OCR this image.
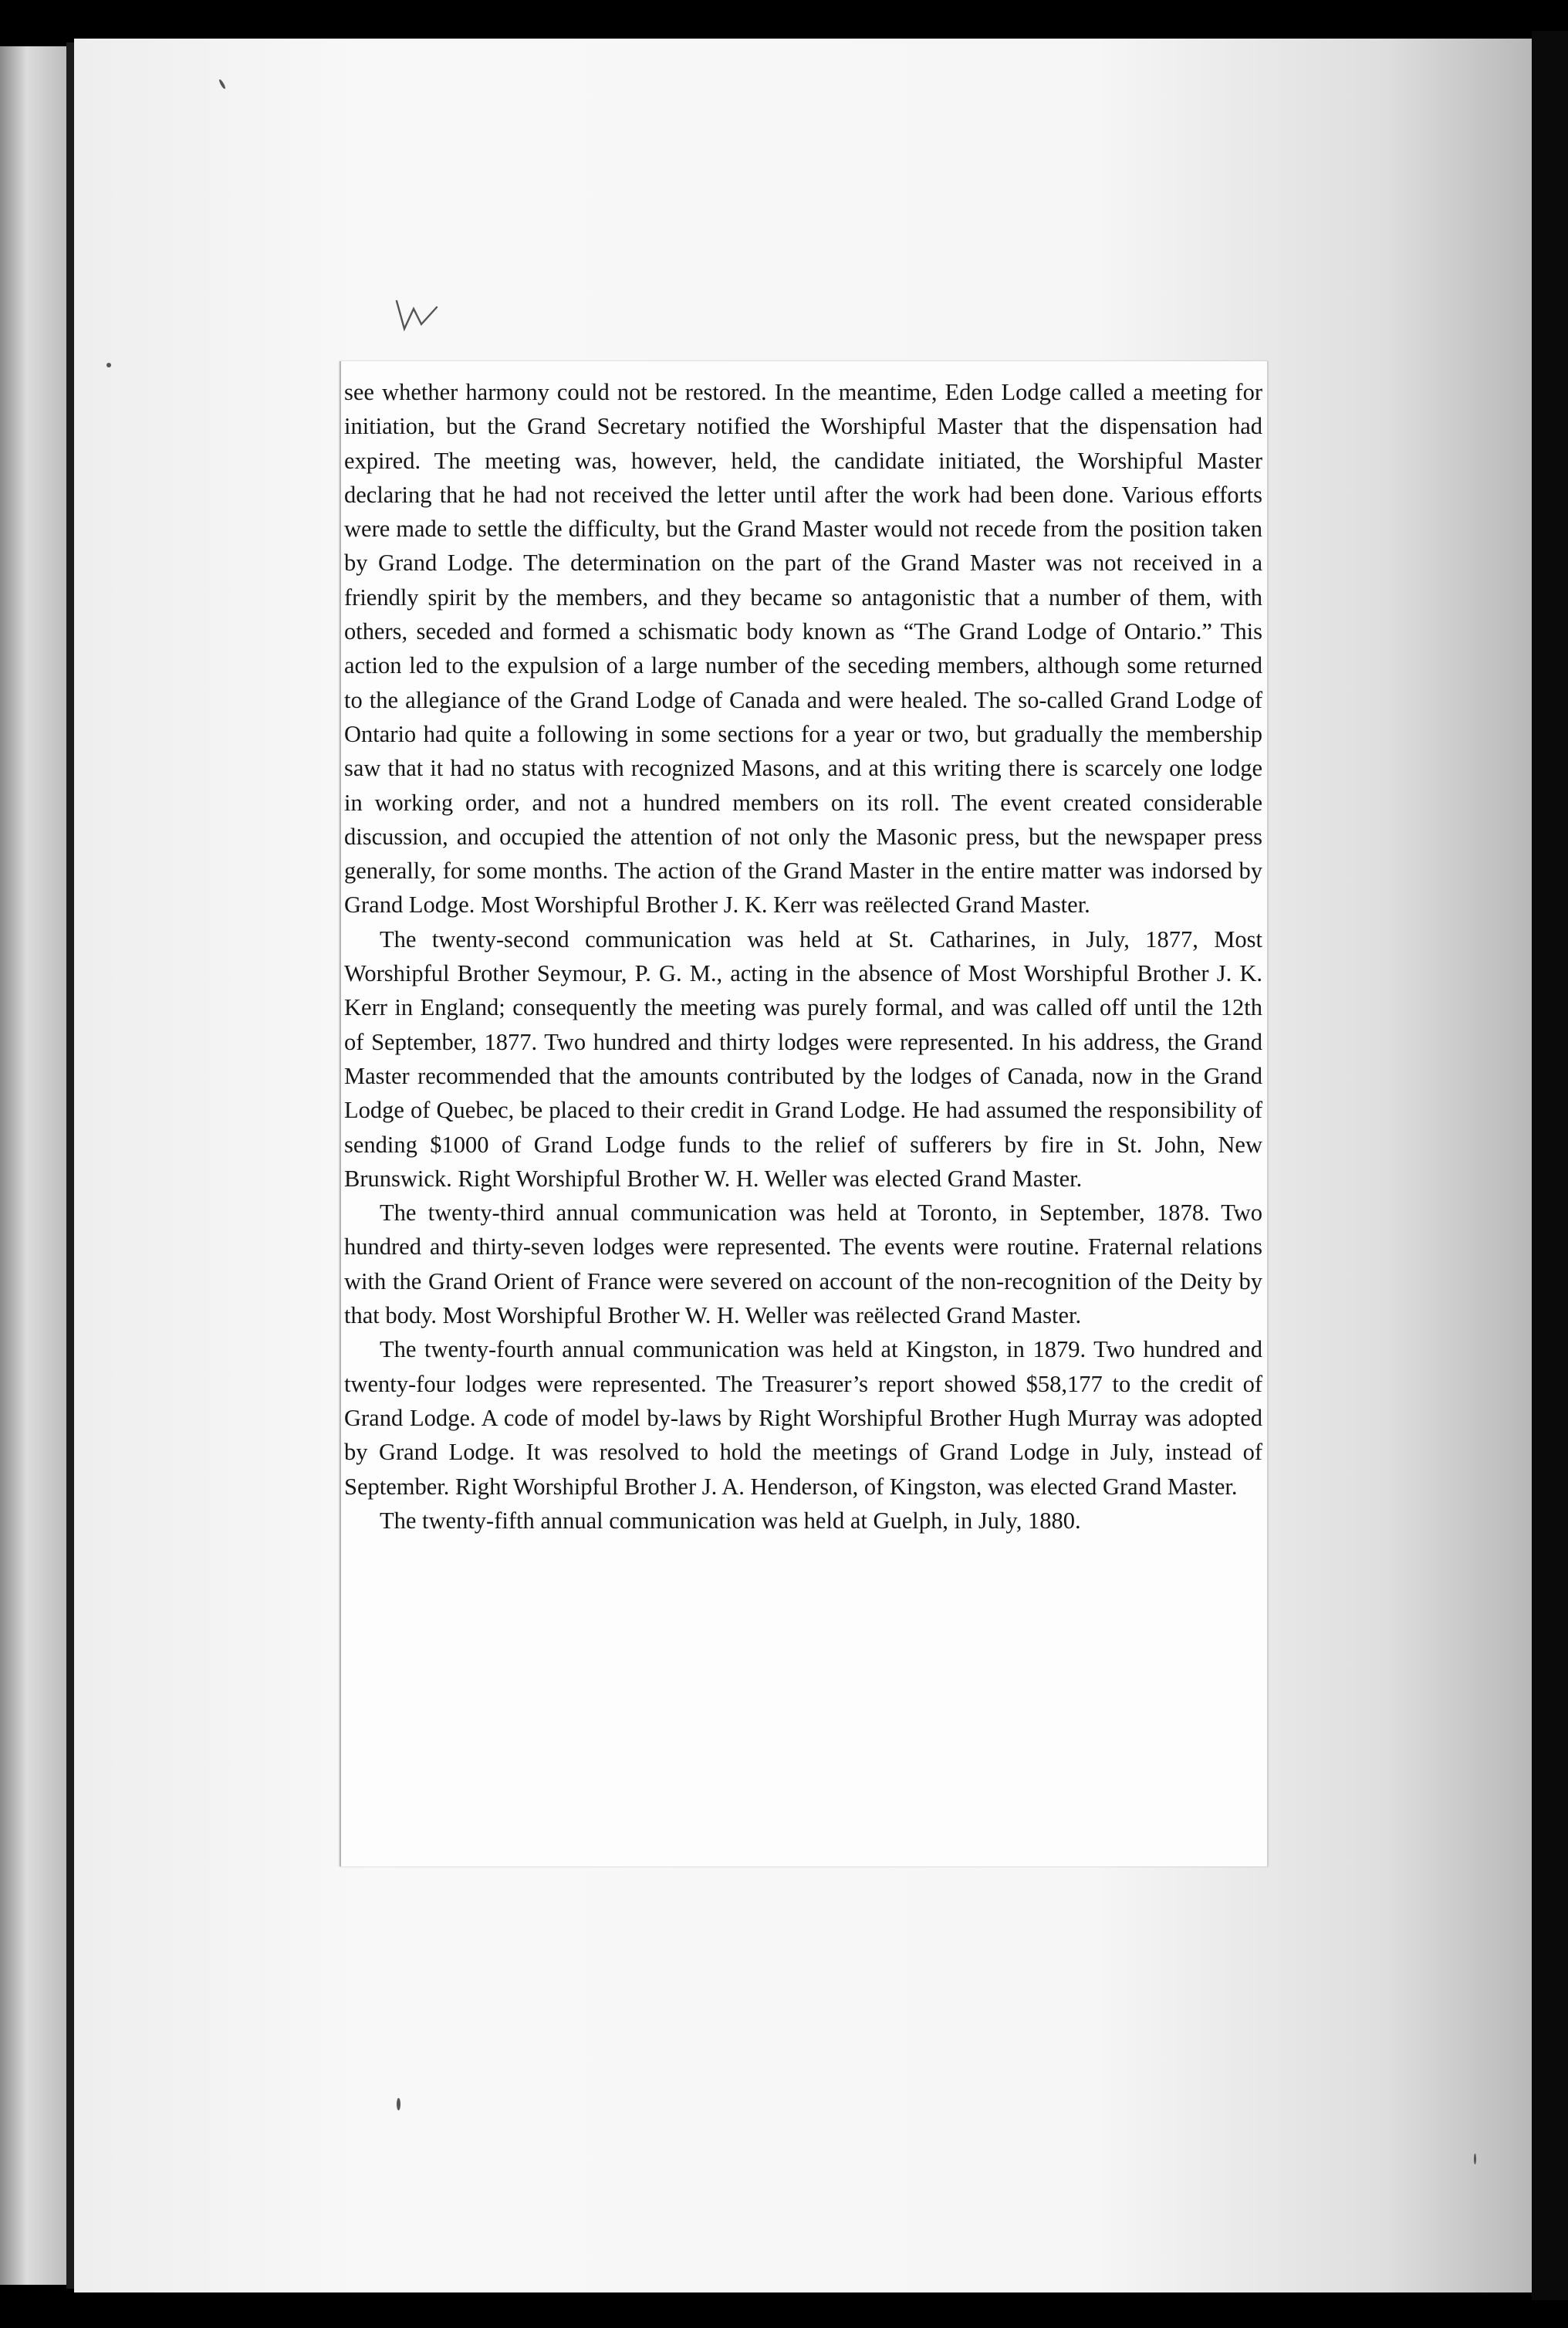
W

see whether harmony could not be restored. In the meantime, Eden Lodge called a meeting for initiation, but the Grand Secretary notified the Worshipful Master that the dispensation had expired. The meeting was, however, held, the candidate initiated, the Worshipful Master declaring that he had not received the letter until after the work had been done. Various efforts were made to settle the difficulty, but the Grand Master would not recede from the position taken by Grand Lodge. The determination on the part of the Grand Master was not received in a friendly spirit by the members, and they became so antagonistic that a number of them, with others, seceded and formed a schismatic body known as “The Grand Lodge of Ontario.” This action led to the expulsion of a large number of the seceding members, although some returned to the allegiance of the Grand Lodge of Canada and were healed. The so-called Grand Lodge of Ontario had quite a following in some sections for a year or two, but gradually the membership saw that it had no status with recognized Masons, and at this writing there is scarcely one lodge in working order, and not a hundred members on its roll. The event created considerable discussion, and occupied the attention of not only the Masonic press, but the newspaper press generally, for some months. The action of the Grand Master in the entire matter was indorsed by Grand Lodge. Most Worshipful Brother J. K. Kerr was reëlected Grand Master.

The twenty-second communication was held at St. Catharines, in July, 1877, Most Worshipful Brother Seymour, P. G. M., acting in the absence of Most Worshipful Brother J. K. Kerr in England; consequently the meeting was purely formal, and was called off until the 12th of September, 1877. Two hundred and thirty lodges were represented. In his address, the Grand Master recommended that the amounts contributed by the lodges of Canada, now in the Grand Lodge of Quebec, be placed to their credit in Grand Lodge. He had assumed the responsibility of sending $1000 of Grand Lodge funds to the relief of sufferers by fire in St. John, New Brunswick. Right Worshipful Brother W. H. Weller was elected Grand Master.

The twenty-third annual communication was held at Toronto, in September, 1878. Two hundred and thirty-seven lodges were represented. The events were routine. Fraternal relations with the Grand Orient of France were severed on account of the non-recognition of the Deity by that body. Most Worshipful Brother W. H. Weller was reëlected Grand Master.

The twenty-fourth annual communication was held at Kingston, in 1879. Two hundred and twenty-four lodges were represented. The Treasurer’s report showed $58,177 to the credit of Grand Lodge. A code of model by-laws by Right Worshipful Brother Hugh Murray was adopted by Grand Lodge. It was resolved to hold the meetings of Grand Lodge in July, instead of September. Right Worshipful Brother J. A. Henderson, of Kingston, was elected Grand Master.

The twenty-fifth annual communication was held at Guelph, in July, 1880.
